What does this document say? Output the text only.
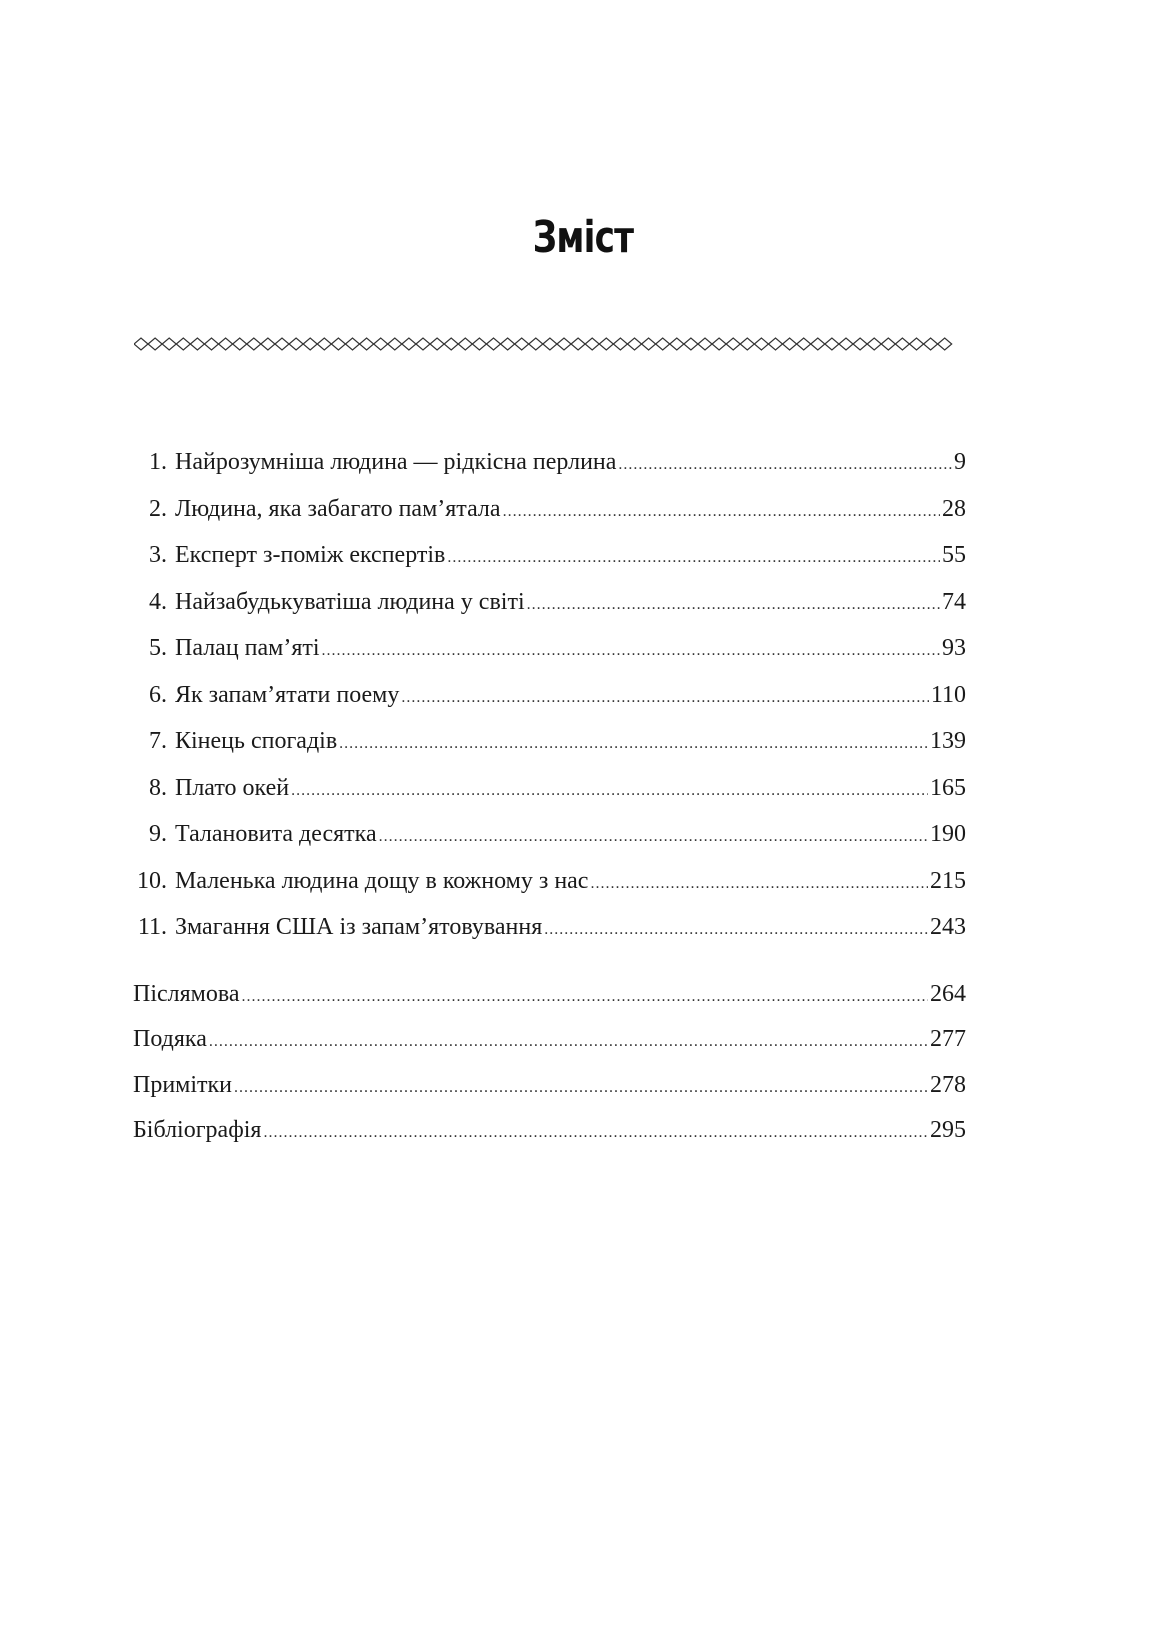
Зміст
1. Найрозумніша людина — рідкісна перлина .....	9
2. Людина, яка забагато пам’ятала .....	28
3. Експерт з-поміж експертів .....	55
4. Найзабудькуватіша людина у світі .....	74
5. Палац пам’яті .....	93
6. Як запам’ятати поему .....	110
7. Кінець спогадів .....	139
8. Плато окей .....	165
9. Талановита десятка .....	190
10. Маленька людина дощу в кожному з нас .....	215
11. Змагання США із запам’ятовування .....	243
Післямова .....	264
Подяка .....	277
Примітки .....	278
Бібліографія .....	295
